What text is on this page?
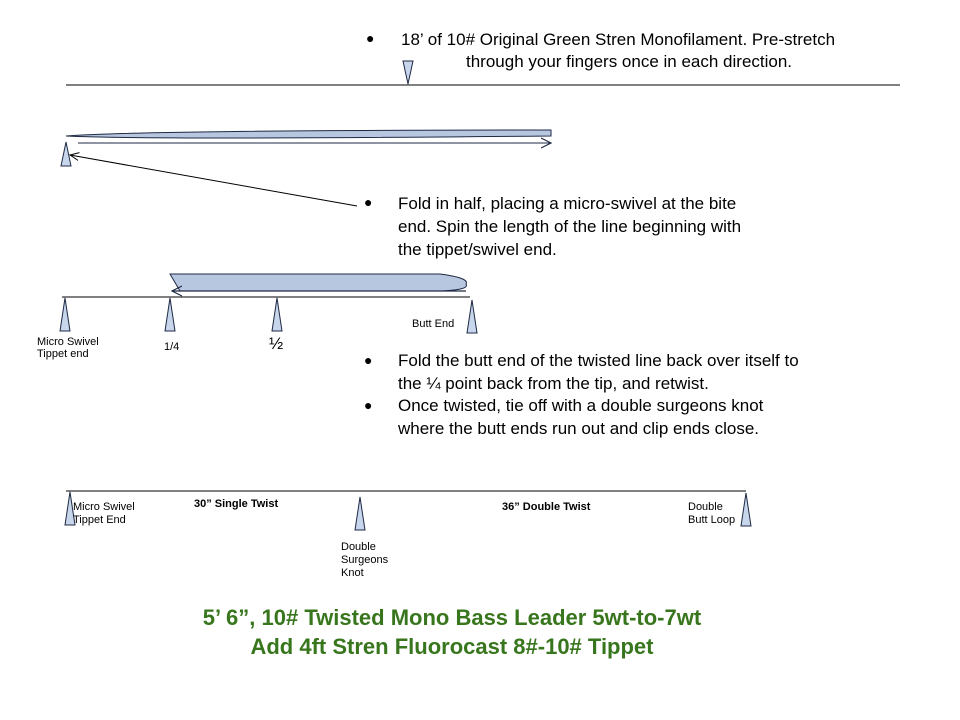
● 18’ of 10# Original Green Stren Monofilament. Pre-stretch
through your fingers once in each direction.
● Fold in half, placing a micro-swivel at the bite
end. Spin the length of the line beginning with
the tippet/swivel end.
Micro Swivel
Tippet end
1/4	½
Butt End
● Fold the butt end of the twisted line back over itself to
the ¼ point back from the tip, and retwist.
● Once twisted, tie off with a double surgeons knot
where the butt ends run out and clip ends close.
Micro Swivel
Tippet End
30” Single Twist	36” Double Twist
Double
Surgeons
Knot
Double
Butt Loop
5’ 6”, 10# Twisted Mono Bass Leader 5wt-to-7wt
Add 4ft Stren Fluorocast 8#-10# Tippet
